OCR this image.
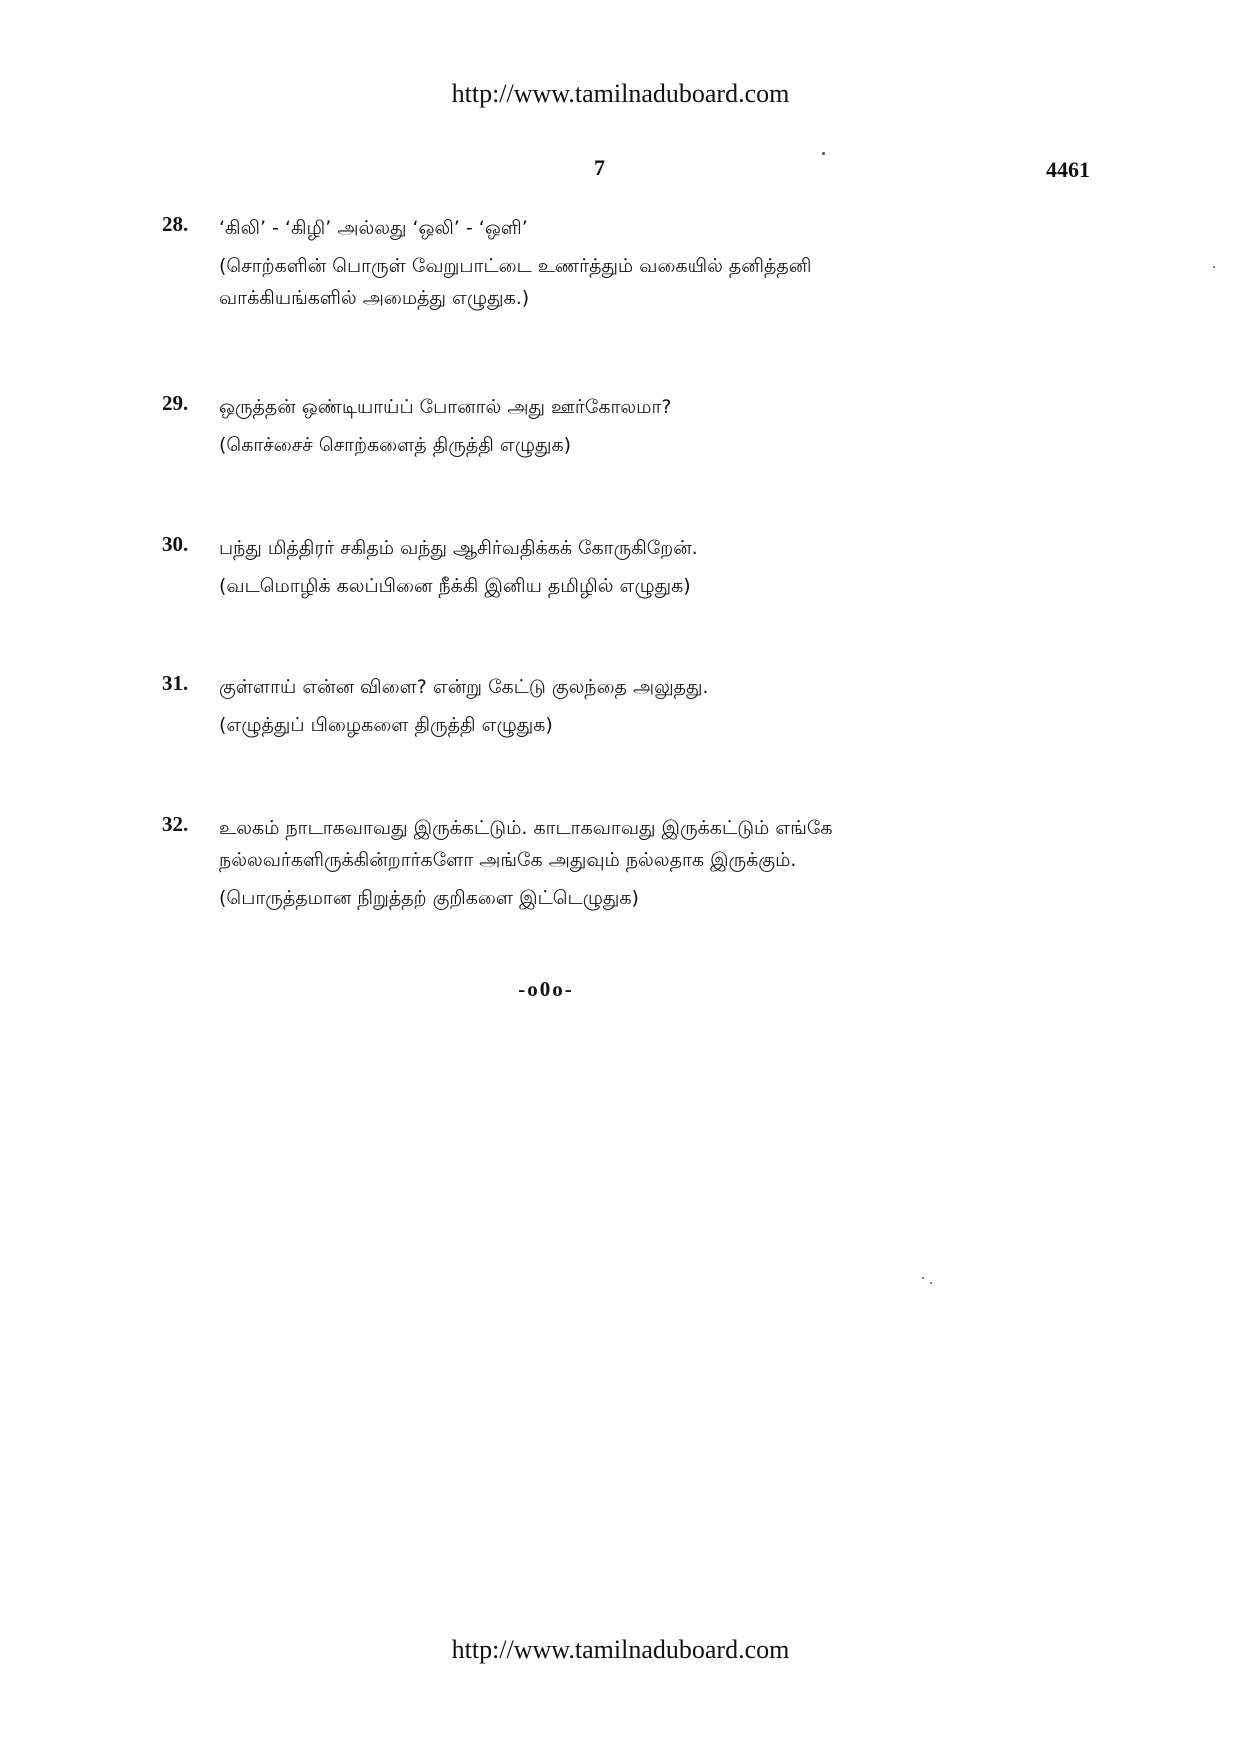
http://www.tamilnaduboard.com
7	4461
28. ‘கிலி’ - ‘கிழி’ அல்லது ‘ஒலி’ - ‘ஒளி’
(சொற்களின் பொருள் வேறுபாட்டை உணர்த்தும் வகையில் தனித்தனி
வாக்கியங்களில் அமைத்து எழுதுக.)
29. ஒருத்தன் ஒண்டியாய்ப் போனால் அது ஊர்கோலமா?
(கொச்சைச் சொற்களைத் திருத்தி எழுதுக)
30. பந்து மித்திரர் சகிதம் வந்து ஆசிர்வதிக்கக் கோருகிறேன்.
(வடமொழிக் கலப்பினை நீக்கி இனிய தமிழில் எழுதுக)
31. குள்ளாய் என்ன விளை? என்று கேட்டு குலந்தை அலுதது.
(எழுத்துப் பிழைகளை திருத்தி எழுதுக)
32. உலகம் நாடாகவாவது இருக்கட்டும். காடாகவாவது இருக்கட்டும் எங்கே
நல்லவர்களிருக்கின்றார்களோ அங்கே அதுவும் நல்லதாக இருக்கும்.
(பொருத்தமான நிறுத்தற் குறிகளை இட்டெழுதுக)
-o0o-
http://www.tamilnaduboard.com
